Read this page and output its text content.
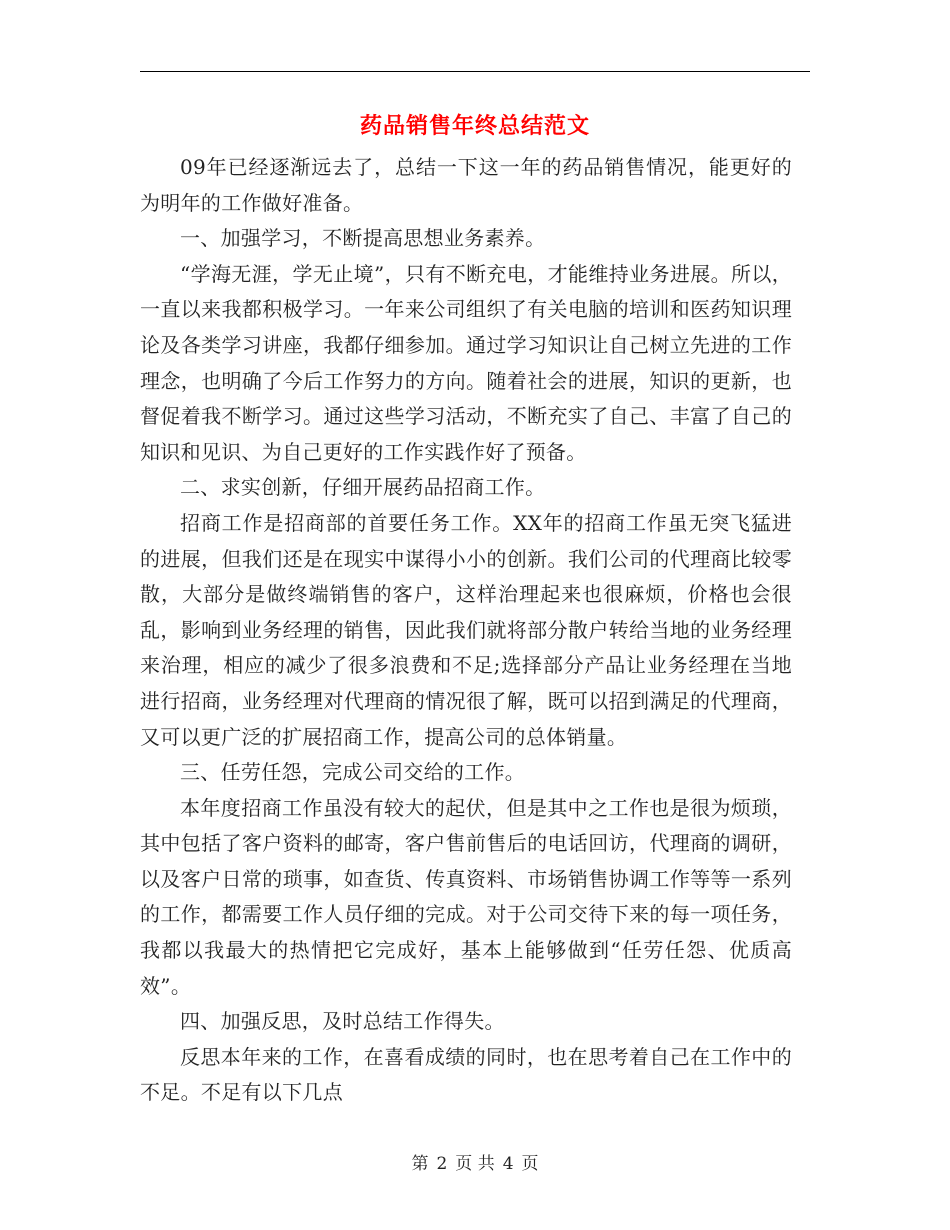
药品销售年终总结范文

09年已经逐渐远去了，总结一下这一年的药品销售情况，能更好的为明年的工作做好准备。

一、加强学习，不断提高思想业务素养。

“学海无涯，学无止境”，只有不断充电，才能维持业务进展。所以，一直以来我都积极学习。一年来公司组织了有关电脑的培训和医药知识理论及各类学习讲座，我都仔细参加。通过学习知识让自己树立先进的工作理念，也明确了今后工作努力的方向。随着社会的进展，知识的更新，也督促着我不断学习。通过这些学习活动，不断充实了自己、丰富了自己的知识和见识、为自己更好的工作实践作好了预备。

二、求实创新，仔细开展药品招商工作。

招商工作是招商部的首要任务工作。XX年的招商工作虽无突飞猛进的进展，但我们还是在现实中谋得小小的创新。我们公司的代理商比较零散，大部分是做终端销售的客户，这样治理起来也很麻烦，价格也会很乱，影响到业务经理的销售，因此我们就将部分散户转给当地的业务经理来治理，相应的减少了很多浪费和不足;选择部分产品让业务经理在当地进行招商，业务经理对代理商的情况很了解，既可以招到满足的代理商，又可以更广泛的扩展招商工作，提高公司的总体销量。

三、任劳任怨，完成公司交给的工作。

本年度招商工作虽没有较大的起伏，但是其中之工作也是很为烦琐，其中包括了客户资料的邮寄，客户售前售后的电话回访，代理商的调研，以及客户日常的琐事，如查货、传真资料、市场销售协调工作等等一系列的工作，都需要工作人员仔细的完成。对于公司交待下来的每一项任务，我都以我最大的热情把它完成好，基本上能够做到“任劳任怨、优质高效”。

四、加强反思，及时总结工作得失。

反思本年来的工作，在喜看成绩的同时，也在思考着自己在工作中的不足。不足有以下几点

第 2 页 共 4 页
